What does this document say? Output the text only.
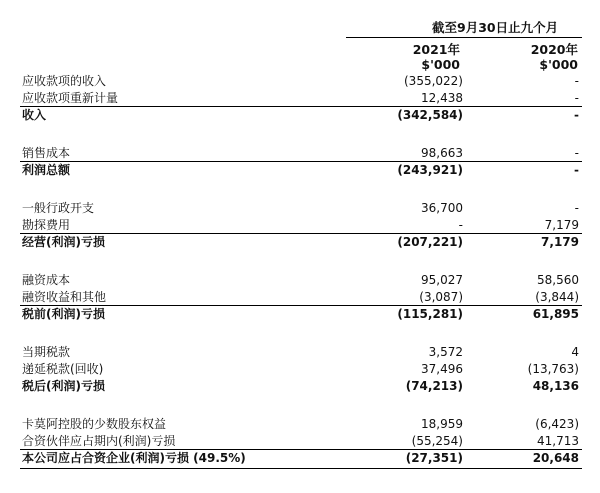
截至9月30日止九个月
2021年	2020年
$'000	$'000
应收款项的收入	(355,022)	-
应收款项重新计量	12,438	-
收入	(342,584)	-
销售成本	98,663	-
利润总额	(243,921)	-
一般行政开支	36,700	-
勘探费用	-	7,179
经营(利润)亏损	(207,221)	7,179
融资成本	95,027	58,560
融资收益和其他	(3,087)	(3,844)
税前(利润)亏损	(115,281)	61,895
当期税款	3,572	4
递延税款(回收)	37,496	(13,763)
税后(利润)亏损	(74,213)	48,136
卡莫阿控股的少数股东权益	18,959	(6,423)
合资伙伴应占期内(利润)亏损	(55,254)	41,713
本公司应占合资企业(利润)亏损 (49.5%)	(27,351)	20,648
